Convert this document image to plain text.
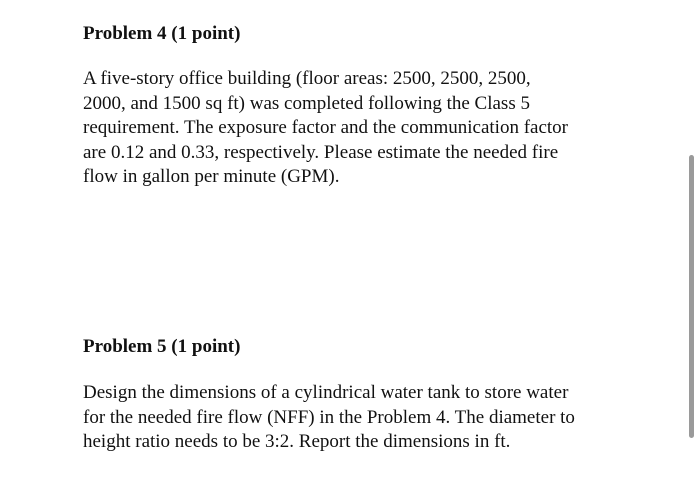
Problem 4 (1 point)

A five-story office building (floor areas: 2500, 2500, 2500,
2000, and 1500 sq ft) was completed following the Class 5
requirement. The exposure factor and the communication factor
are 0.12 and 0.33, respectively. Please estimate the needed fire
flow in gallon per minute (GPM).

Problem 5 (1 point)

Design the dimensions of a cylindrical water tank to store water
for the needed fire flow (NFF) in the Problem 4. The diameter to
height ratio needs to be 3:2. Report the dimensions in ft.
